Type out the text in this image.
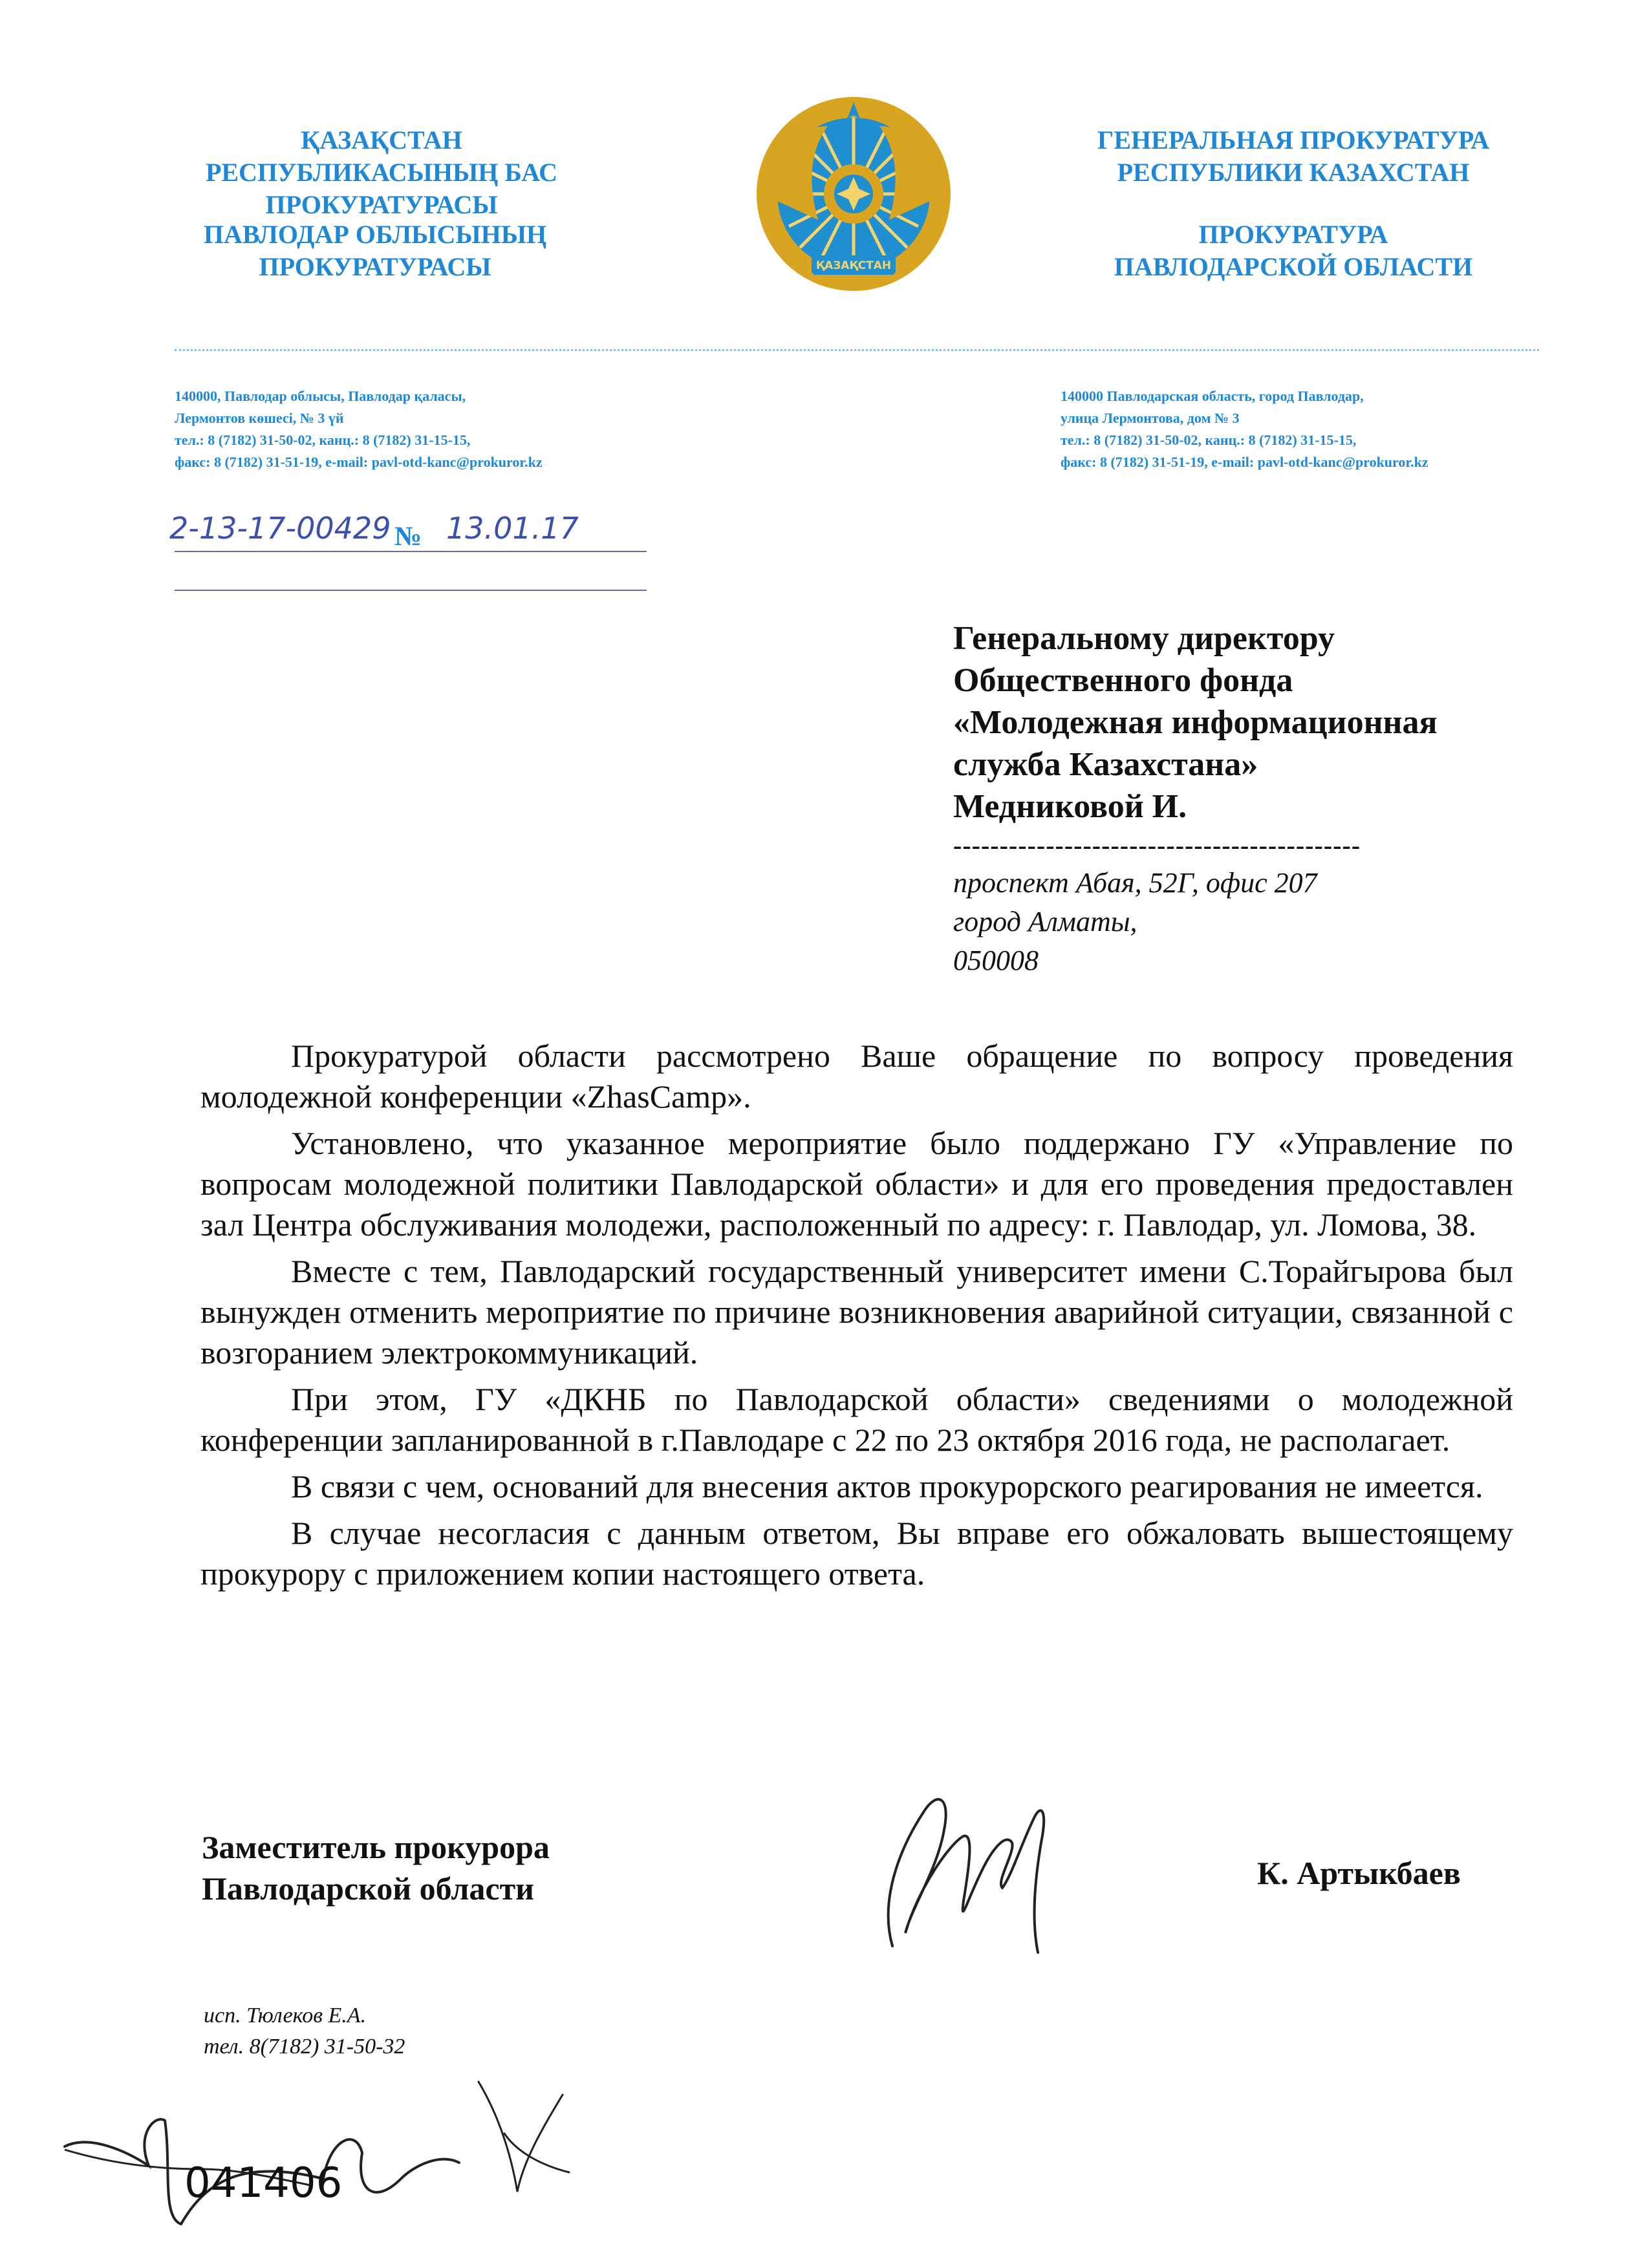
ҚАЗАҚСТАН РЕСПУБЛИКАСЫНЫҢ БАС ПРОКУРАТУРАСЫ
ПАВЛОДАР ОБЛЫСЫНЫҢ ПРОКУРАТУРАСЫ	ҚАЗАҚСТАН
ГЕНЕРАЛЬНАЯ ПРОКУРАТУРА РЕСПУБЛИКИ КАЗАХСТАН
ПРОКУРАТУРА ПАВЛОДАРСКОЙ ОБЛАСТИ
140000, Павлодар облысы, Павлодар қаласы,
Лермонтов көшесі, № 3 үй
тел.: 8 (7182) 31-50-02, канц.: 8 (7182) 31-15-15,
факс: 8 (7182) 31-51-19, e-mail: pavl-otd-kanc@prokuror.kz
140000 Павлодарская область, город Павлодар,
улица Лермонтова, дом № 3
тел.: 8 (7182) 31-50-02, канц.: 8 (7182) 31-15-15,
факс: 8 (7182) 31-51-19, e-mail: pavl-otd-kanc@prokuror.kz
2-13-17-00429 № 13.01.17
Генеральному директору
Общественного фонда
«Молодежная информационная
служба Казахстана»
Медниковой И.
--------------------------------------------
проспект Абая, 52Г, офис 207
город Алматы,
050008

Прокуратурой области рассмотрено Ваше обращение по вопросу проведения молодежной конференции «ZhasCamp».

Установлено, что указанное мероприятие было поддержано ГУ «Управление по вопросам молодежной политики Павлодарской области» и для его проведения предоставлен зал Центра обслуживания молодежи, расположенный по адресу: г. Павлодар, ул. Ломова, 38.

Вместе с тем, Павлодарский государственный университет имени С.Торайгырова был вынужден отменить мероприятие по причине возникновения аварийной ситуации, связанной с возгоранием электрокоммуникаций.

При этом, ГУ «ДКНБ по Павлодарской области» сведениями о молодежной конференции запланированной в г.Павлодаре с 22 по 23 октября 2016 года, не располагает.

В связи с чем, оснований для внесения актов прокурорского реагирования не имеется.

В случае несогласия с данным ответом, Вы вправе его обжаловать вышестоящему прокурору с приложением копии настоящего ответа.

Заместитель прокурора
Павлодарской области	К. Артыкбаев
исп. Тюлеков Е.А.
тел. 8(7182) 31-50-32
041406
